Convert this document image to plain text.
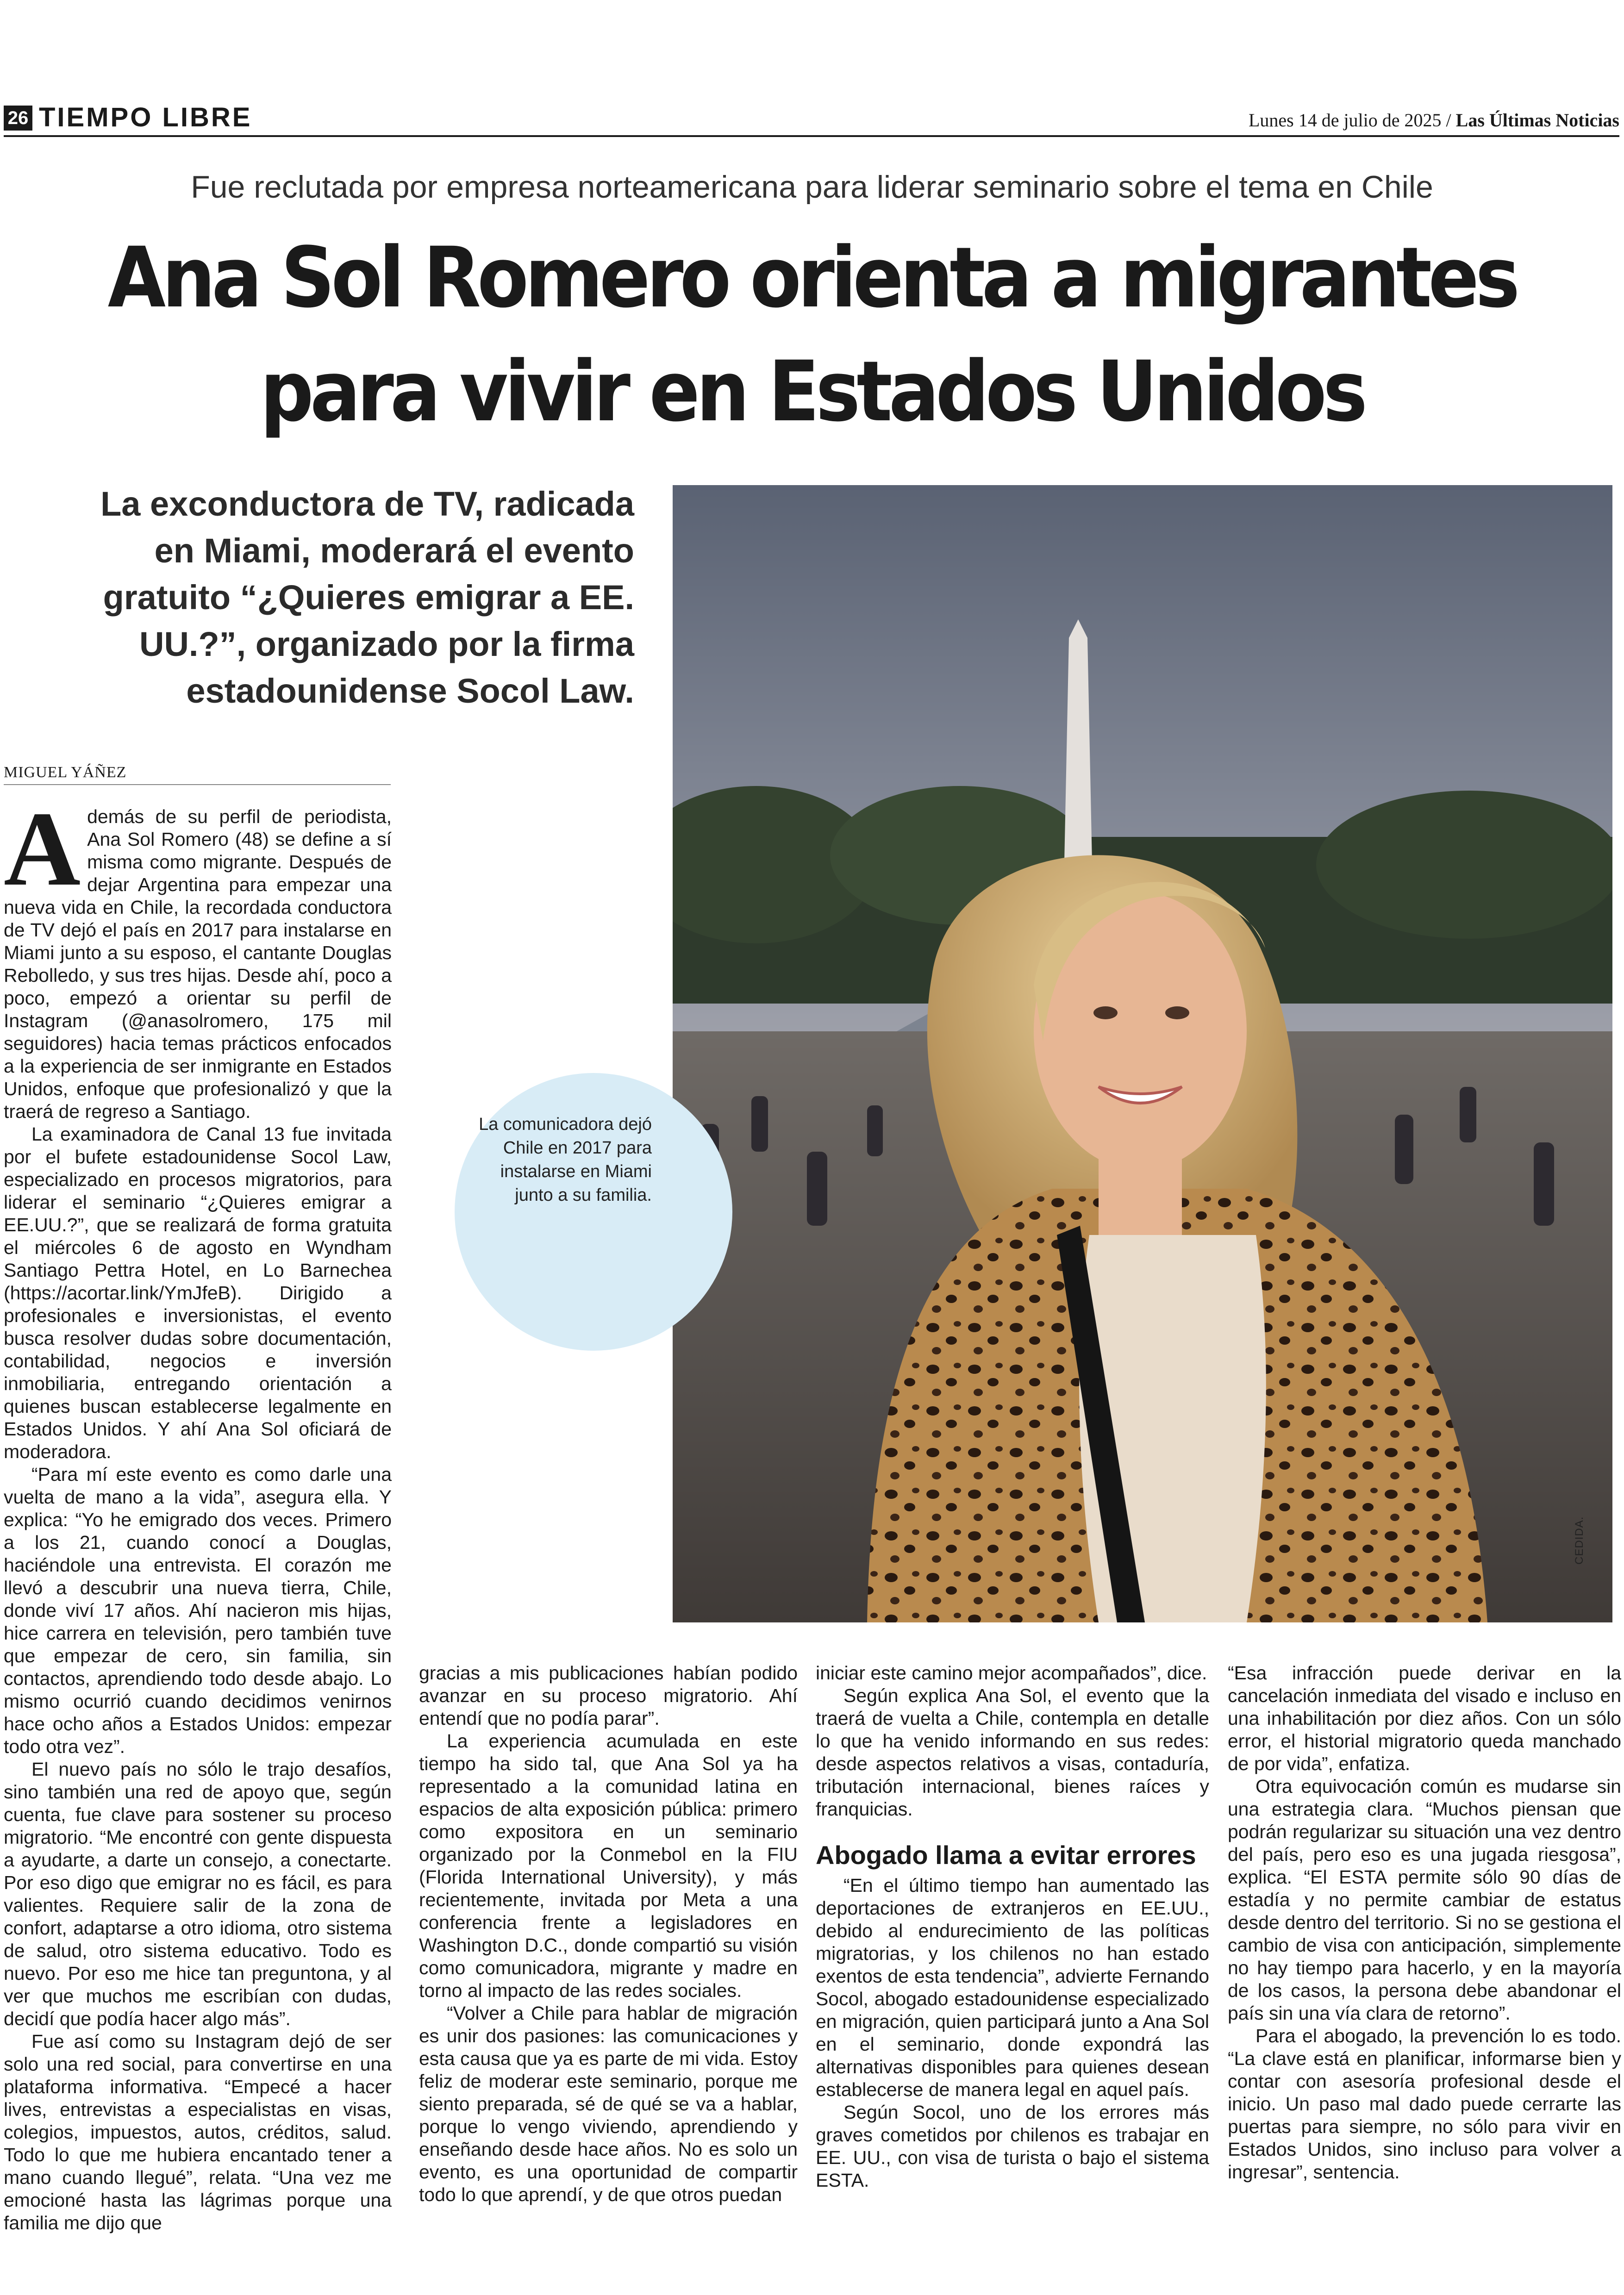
26 TIEMPO LIBRE	Lunes 14 de julio de 2025 / Las Últimas Noticias
Fue reclutada por empresa norteamericana para liderar seminario sobre el tema en Chile
Ana Sol Romero orienta a migrantes
para vivir en Estados Unidos
La exconductora de TV, radicada en Miami, moderará el evento gratuito “¿Quieres emigrar a EE. UU.?”, organizado por la firma estadounidense Socol Law.
MIGUEL YÁÑEZ
CEDIDA.
La comunicadora dejó Chile en 2017 para instalarse en Miami junto a su familia.

Además de su perfil de periodista, Ana Sol Romero (48) se define a sí misma como migrante. Después de dejar Argentina para empezar una nueva vida en Chile, la recordada conductora de TV dejó el país en 2017 para instalarse en Miami junto a su esposo, el cantante Douglas Rebolledo, y sus tres hijas. Desde ahí, poco a poco, empezó a orientar su perfil de Instagram (@anasolromero, 175 mil seguidores) hacia temas prácticos enfocados a la experiencia de ser inmigrante en Estados Unidos, enfoque que profesionalizó y que la traerá de regreso a Santiago.

La examinadora de Canal 13 fue invitada por el bufete estadounidense Socol Law, especializado en procesos migratorios, para liderar el seminario “¿Quieres emigrar a EE.UU.?”, que se realizará de forma gratuita el miércoles 6 de agosto en Wyndham Santiago Pettra Hotel, en Lo Barnechea (https://acortar.link/YmJfeB). Dirigido a profesionales e inversionistas, el evento busca resolver dudas sobre documentación, contabilidad, negocios e inversión inmobiliaria, entregando orientación a quienes buscan establecerse legalmente en Estados Unidos. Y ahí Ana Sol oficiará de moderadora.

“Para mí este evento es como darle una vuelta de mano a la vida”, asegura ella. Y explica: “Yo he emigrado dos veces. Primero a los 21, cuando conocí a Douglas, haciéndole una entrevista. El corazón me llevó a descubrir una nueva tierra, Chile, donde viví 17 años. Ahí nacieron mis hijas, hice carrera en televisión, pero también tuve que empezar de cero, sin familia, sin contactos, aprendiendo todo desde abajo. Lo mismo ocurrió cuando decidimos venirnos hace ocho años a Estados Unidos: empezar todo otra vez”.

El nuevo país no sólo le trajo desafíos, sino también una red de apoyo que, según cuenta, fue clave para sostener su proceso migratorio. “Me encontré con gente dispuesta a ayudarte, a darte un consejo, a conectarte. Por eso digo que emigrar no es fácil, es para valientes. Requiere salir de la zona de confort, adaptarse a otro idioma, otro sistema de salud, otro sistema educativo. Todo es nuevo. Por eso me hice tan preguntona, y al ver que muchos me escribían con dudas, decidí que podía hacer algo más”.

Fue así como su Instagram dejó de ser solo una red social, para convertirse en una plataforma informativa. “Empecé a hacer lives, entrevistas a especialistas en visas, colegios, impuestos, autos, créditos, salud. Todo lo que me hubiera encantado tener a mano cuando llegué”, relata. “Una vez me emocioné hasta las lágrimas porque una familia me dijo que

gracias a mis publicaciones habían podido avanzar en su proceso migratorio. Ahí entendí que no podía parar”.

La experiencia acumulada en este tiempo ha sido tal, que Ana Sol ya ha representado a la comunidad latina en espacios de alta exposición pública: primero como expositora en un seminario organizado por la Conmebol en la FIU (Florida International University), y más recientemente, invitada por Meta a una conferencia frente a legisladores en Washington D.C., donde compartió su visión como comunicadora, migrante y madre en torno al impacto de las redes sociales.

“Volver a Chile para hablar de migración es unir dos pasiones: las comunicaciones y esta causa que ya es parte de mi vida. Estoy feliz de moderar este seminario, porque me siento preparada, sé de qué se va a hablar, porque lo vengo viviendo, aprendiendo y enseñando desde hace años. No es solo un evento, es una oportunidad de compartir todo lo que aprendí, y de que otros puedan

iniciar este camino mejor acompañados”, dice.

Según explica Ana Sol, el evento que la traerá de vuelta a Chile, contempla en detalle lo que ha venido informando en sus redes: desde aspectos relativos a visas, contaduría, tributación internacional, bienes raíces y franquicias.

Abogado llama a evitar errores

“En el último tiempo han aumentado las deportaciones de extranjeros en EE.UU., debido al endurecimiento de las políticas migratorias, y los chilenos no han estado exentos de esta tendencia”, advierte Fernando Socol, abogado estadounidense especializado en migración, quien participará junto a Ana Sol en el seminario, donde expondrá las alternativas disponibles para quienes desean establecerse de manera legal en aquel país.

Según Socol, uno de los errores más graves cometidos por chilenos es trabajar en EE. UU., con visa de turista o bajo el sistema ESTA.

“Esa infracción puede derivar en la cancelación inmediata del visado e incluso en una inhabilitación por diez años. Con un sólo error, el historial migratorio queda manchado de por vida”, enfatiza.

Otra equivocación común es mudarse sin una estrategia clara. “Muchos piensan que podrán regularizar su situación una vez dentro del país, pero eso es una jugada riesgosa”, explica. “El ESTA permite sólo 90 días de estadía y no permite cambiar de estatus desde dentro del territorio. Si no se gestiona el cambio de visa con anticipación, simplemente no hay tiempo para hacerlo, y en la mayoría de los casos, la persona debe abandonar el país sin una vía clara de retorno”.

Para el abogado, la prevención lo es todo. “La clave está en planificar, informarse bien y contar con asesoría profesional desde el inicio. Un paso mal dado puede cerrarte las puertas para siempre, no sólo para vivir en Estados Unidos, sino incluso para volver a ingresar”, sentencia.
